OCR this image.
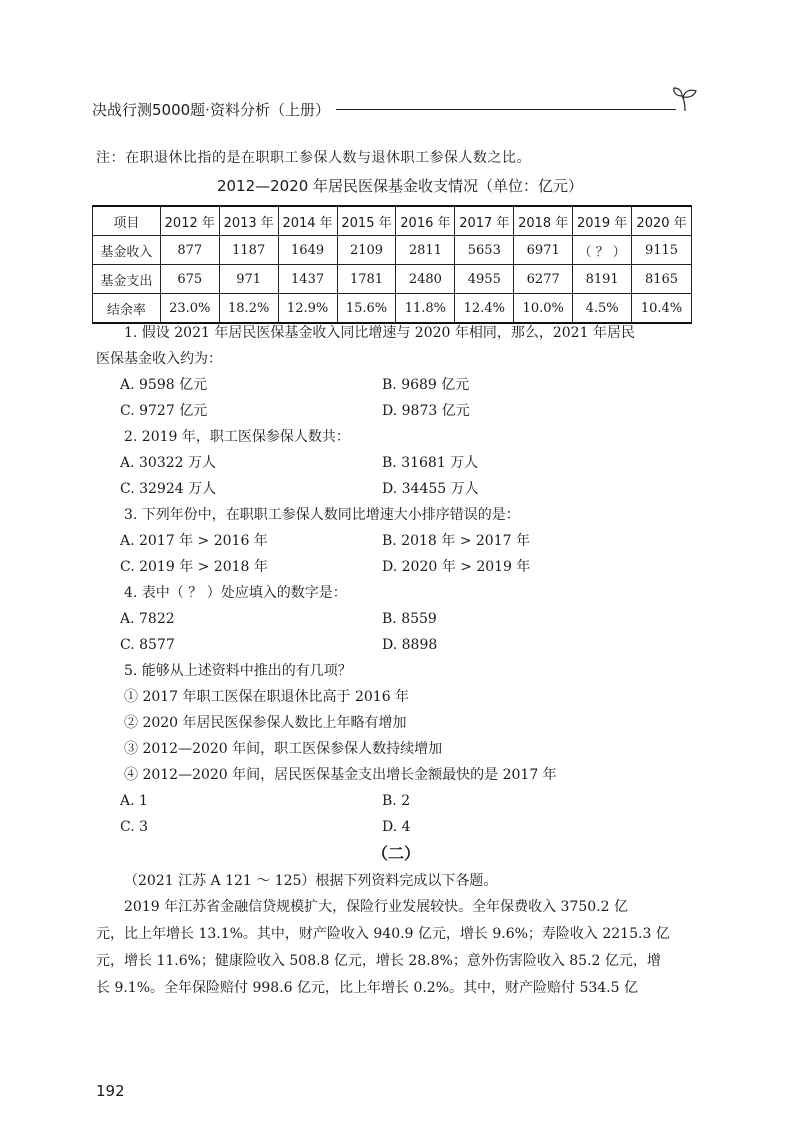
决战行测5000题·资料分析（上册）
注：在职退休比指的是在职职工参保人数与退休职工参保人数之比。
2012—2020 年居民医保基金收支情况（单位：亿元）
项目	2012 年	2013 年	2014 年	2015 年	2016 年	2017 年	2018 年	2019 年	2020 年
基金收入	877	1187	1649	2109	2811	5653	6971	（ ？ ）	9115
基金支出	675	971	1437	1781	2480	4955	6277	8191	8165
结余率	23.0%	18.2%	12.9%	15.6%	11.8%	12.4%	10.0%	4.5%	10.4%
1. 假设 2021 年居民医保基金收入同比增速与 2020 年相同，那么，2021 年居民
医保基金收入约为：
A. 9598 亿元	B. 9689 亿元
C. 9727 亿元	D. 9873 亿元
2. 2019 年，职工医保参保人数共：
A. 30322 万人	B. 31681 万人
C. 32924 万人	D. 34455 万人
3. 下列年份中，在职职工参保人数同比增速大小排序错误的是：
A. 2017 年 > 2016 年	B. 2018 年 > 2017 年
C. 2019 年 > 2018 年	D. 2020 年 > 2019 年
4. 表中（ ？ ）处应填入的数字是：
A. 7822	B. 8559
C. 8577	D. 8898
5. 能够从上述资料中推出的有几项？
① 2017 年职工医保在职退休比高于 2016 年
② 2020 年居民医保参保人数比上年略有增加
③ 2012—2020 年间，职工医保参保人数持续增加
④ 2012—2020 年间，居民医保基金支出增长金额最快的是 2017 年
A. 1	B. 2
C. 3	D. 4
（二）
（2021 江苏 A 121 ～ 125）根据下列资料完成以下各题。
2019 年江苏省金融信贷规模扩大，保险行业发展较快。全年保费收入 3750.2 亿
元，比上年增长 13.1%。其中，财产险收入 940.9 亿元，增长 9.6%；寿险收入 2215.3 亿
元，增长 11.6%；健康险收入 508.8 亿元，增长 28.8%；意外伤害险收入 85.2 亿元，增
长 9.1%。全年保险赔付 998.6 亿元，比上年增长 0.2%。其中，财产险赔付 534.5 亿
192
